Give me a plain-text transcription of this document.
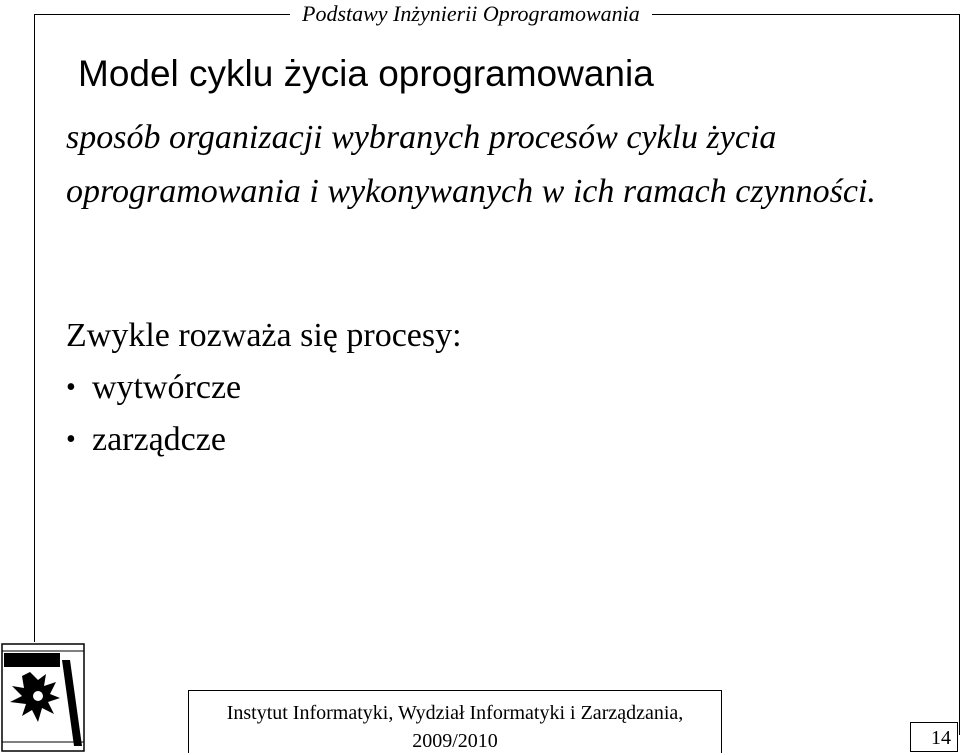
Podstawy Inżynierii Oprogramowania
Model cyklu życia oprogramowania
sposób organizacji wybranych procesów cyklu życia oprogramowania i wykonywanych w ich ramach czynności.
Zwykle rozważa się procesy:
• wytwórcze
• zarządcze
Instytut Informatyki, Wydział Informatyki i Zarządzania,
2009/2010	14
